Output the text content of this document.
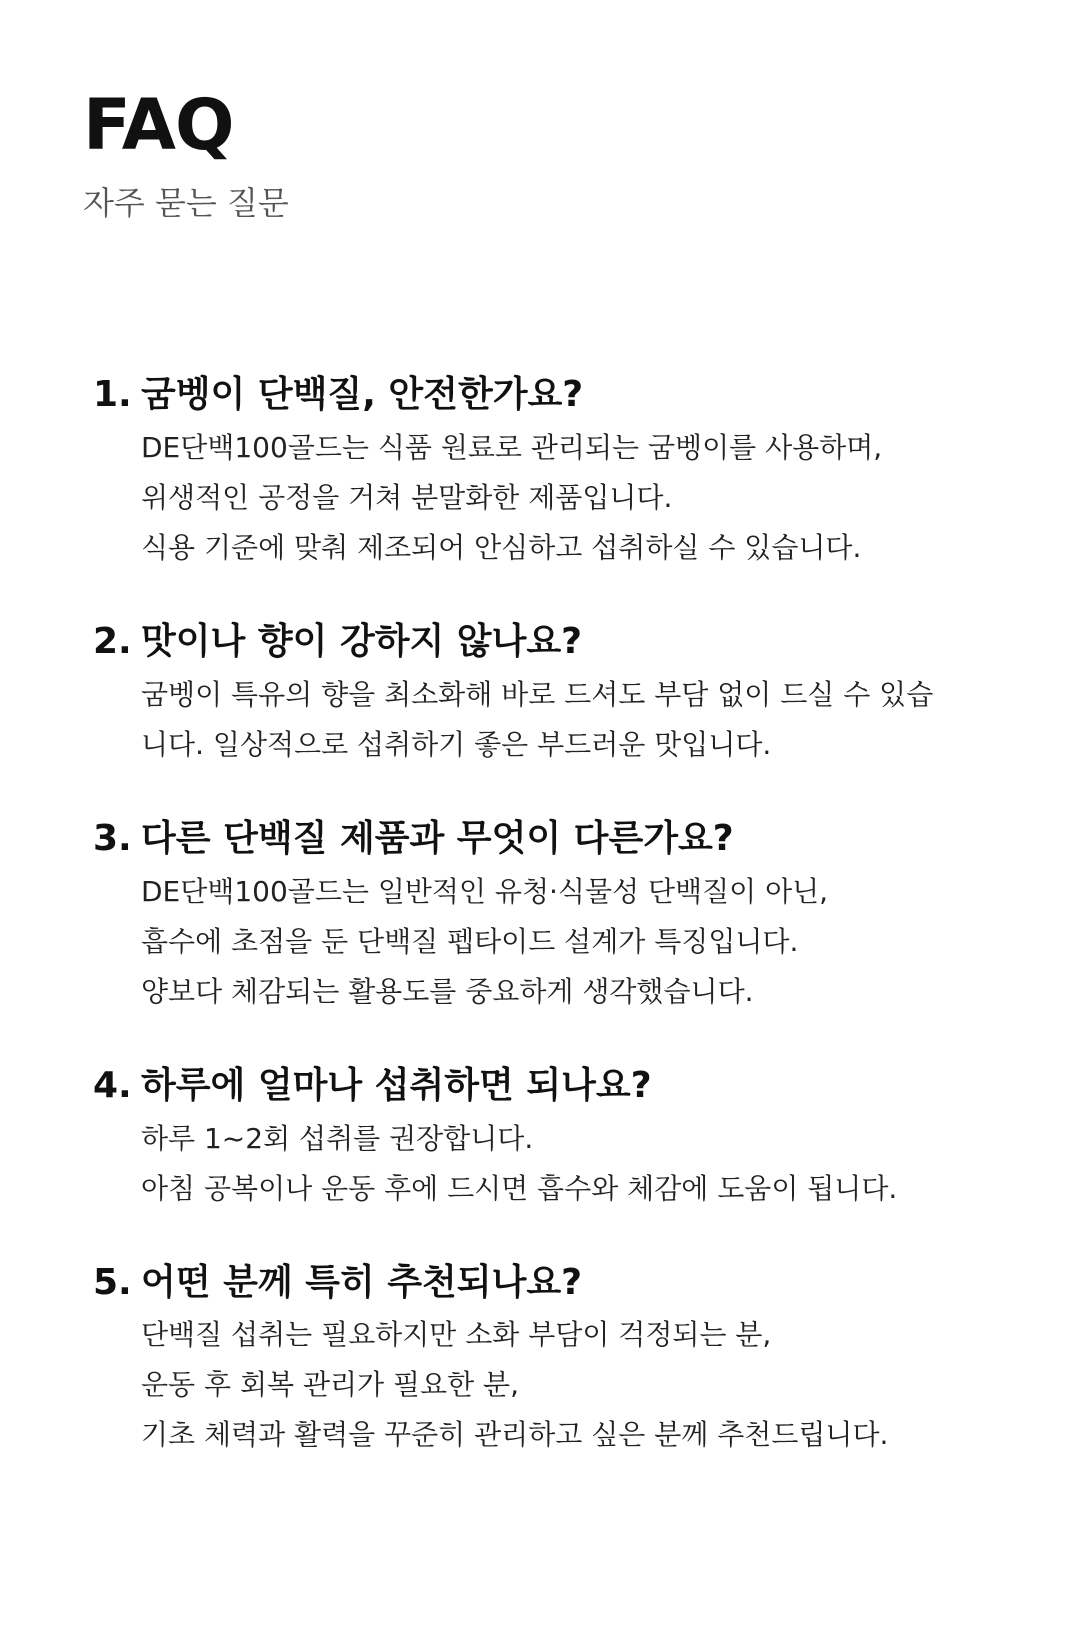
FAQ

자주 묻는 질문

1. 굼벵이 단백질, 안전한가요?
DE단백100골드는 식품 원료로 관리되는 굼벵이를 사용하며,
위생적인 공정을 거쳐 분말화한 제품입니다.
식용 기준에 맞춰 제조되어 안심하고 섭취하실 수 있습니다.
2. 맛이나 향이 강하지 않나요?
굼벵이 특유의 향을 최소화해 바로 드셔도 부담 없이 드실 수 있습
니다. 일상적으로 섭취하기 좋은 부드러운 맛입니다.
3. 다른 단백질 제품과 무엇이 다른가요?
DE단백100골드는 일반적인 유청·식물성 단백질이 아닌,
흡수에 초점을 둔 단백질 펩타이드 설계가 특징입니다.
양보다 체감되는 활용도를 중요하게 생각했습니다.
4. 하루에 얼마나 섭취하면 되나요?
하루 1~2회 섭취를 권장합니다.
아침 공복이나 운동 후에 드시면 흡수와 체감에 도움이 됩니다.
5. 어떤 분께 특히 추천되나요?
단백질 섭취는 필요하지만 소화 부담이 걱정되는 분,
운동 후 회복 관리가 필요한 분,
기초 체력과 활력을 꾸준히 관리하고 싶은 분께 추천드립니다.
